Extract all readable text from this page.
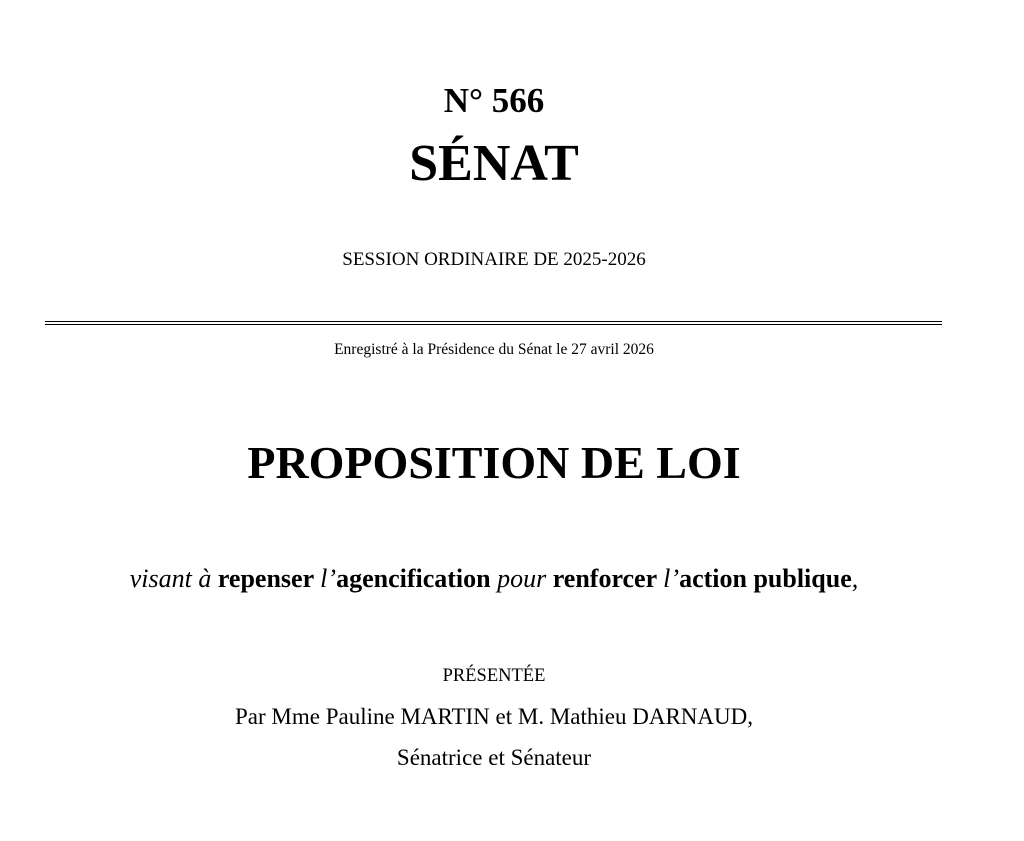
N° 566
SÉNAT
SESSION ORDINAIRE DE 2025-2026
Enregistré à la Présidence du Sénat le 27 avril 2026
PROPOSITION DE LOI
visant à repenser l’agencification pour renforcer l’action publique,
PRÉSENTÉE
Par Mme Pauline MARTIN et M. Mathieu DARNAUD,
Sénatrice et Sénateur
